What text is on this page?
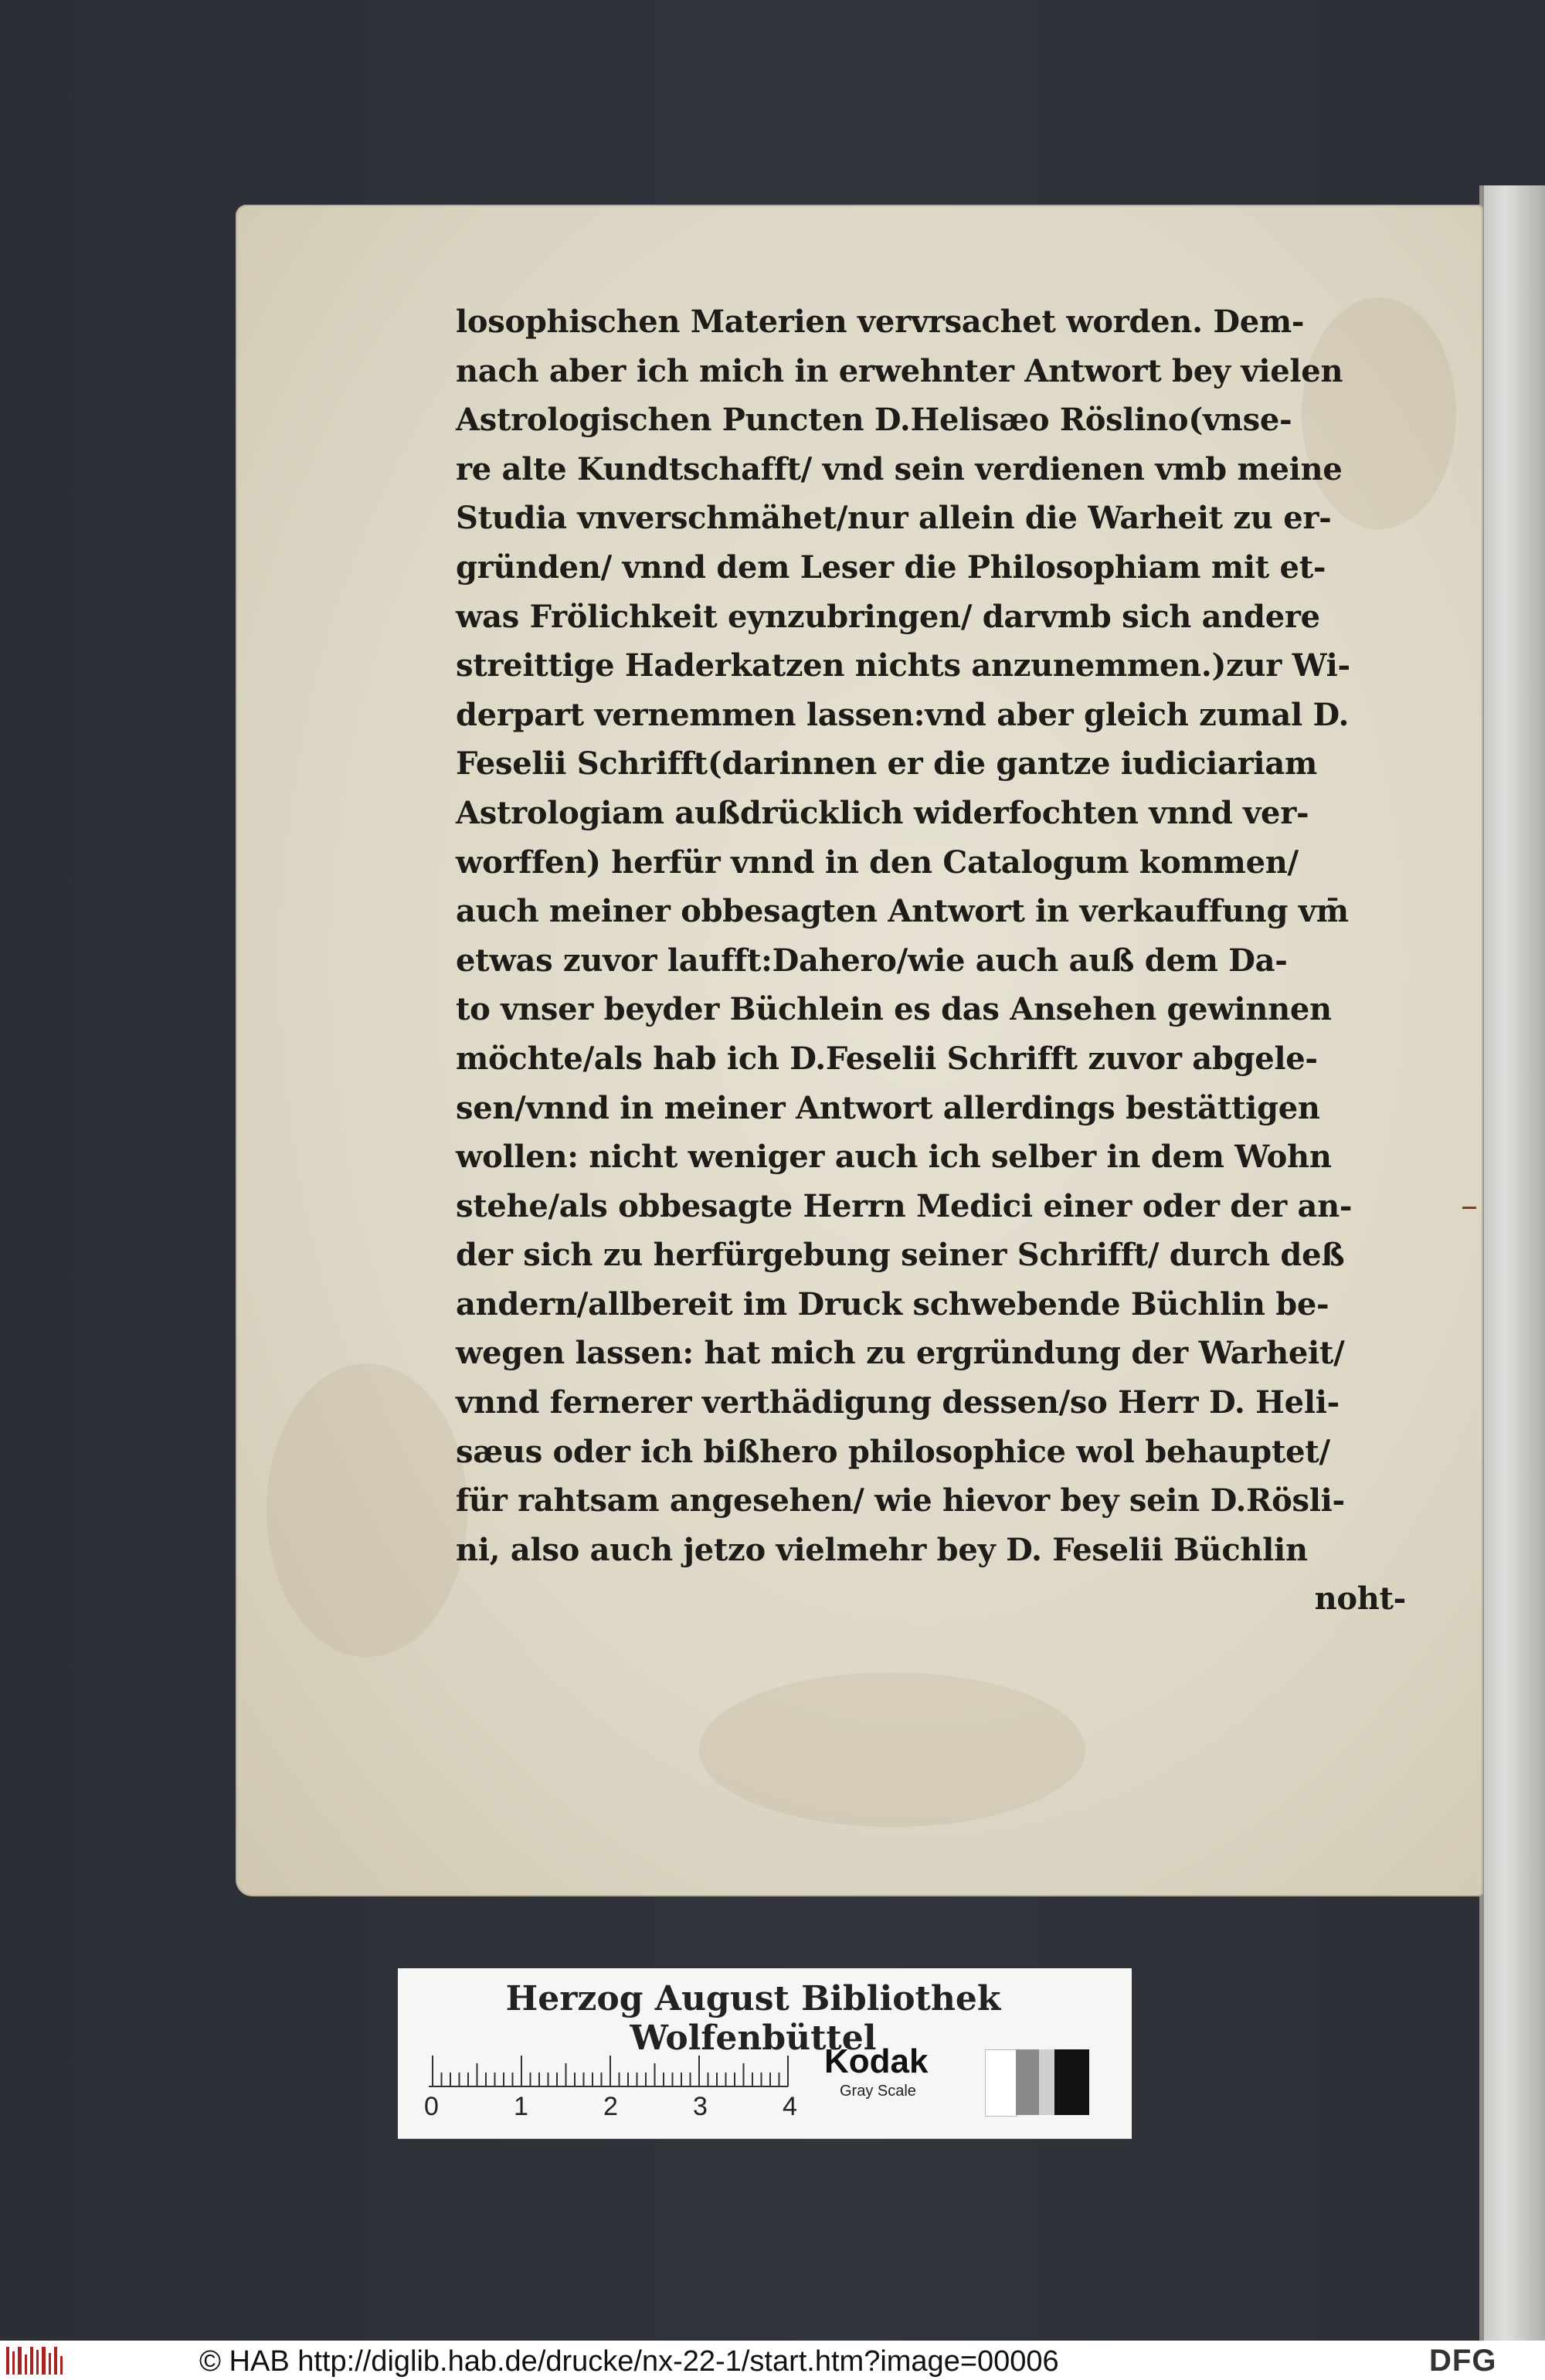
losophischen Materien vervrsachet worden. Dem-
nach aber ich mich in erwehnter Antwort bey vielen
Astrologischen Puncten D.Helisæo Röslino(vnse-
re alte Kundtschafft/ vnd sein verdienen vmb meine
Studia vnverschmähet/nur allein die Warheit zu er-
gründen/ vnnd dem Leser die Philosophiam mit et-
was Frölichkeit eynzubringen/ darvmb sich andere
streittige Haderkatzen nichts anzunemmen.)zur Wi-
derpart vernemmen lassen:vnd aber gleich zumal D.
Feselii Schrifft(darinnen er die gantze iudiciariam
Astrologiam außdrücklich widerfochten vnnd ver-
worffen) herfür vnnd in den Catalogum kommen/
auch meiner obbesagten Antwort in verkauffung vm̄
etwas zuvor laufft:Dahero/wie auch auß dem Da-
to vnser beyder Büchlein es das Ansehen gewinnen
möchte/als hab ich D.Feselii Schrifft zuvor abgele-
sen/vnnd in meiner Antwort allerdings bestättigen
wollen: nicht weniger auch ich selber in dem Wohn
stehe/als obbesagte Herrn Medici einer oder der an-
der sich zu herfürgebung seiner Schrifft/ durch deß
andern/allbereit im Druck schwebende Büchlin be-
wegen lassen: hat mich zu ergründung der Warheit/
vnnd fernerer verthädigung dessen/so Herr D. Heli-
sæus oder ich bißhero philosophice wol behauptet/
für rahtsam angesehen/ wie hievor bey sein D.Rösli-
ni, also auch jetzo vielmehr bey D. Feselii Büchlin
noht-
Herzog August Bibliothek Wolfenbüttel
0	1	2	3	4
Kodak
Gray Scale
© HAB http://diglib.hab.de/drucke/nx-22-1/start.htm?image=00006	DFG
